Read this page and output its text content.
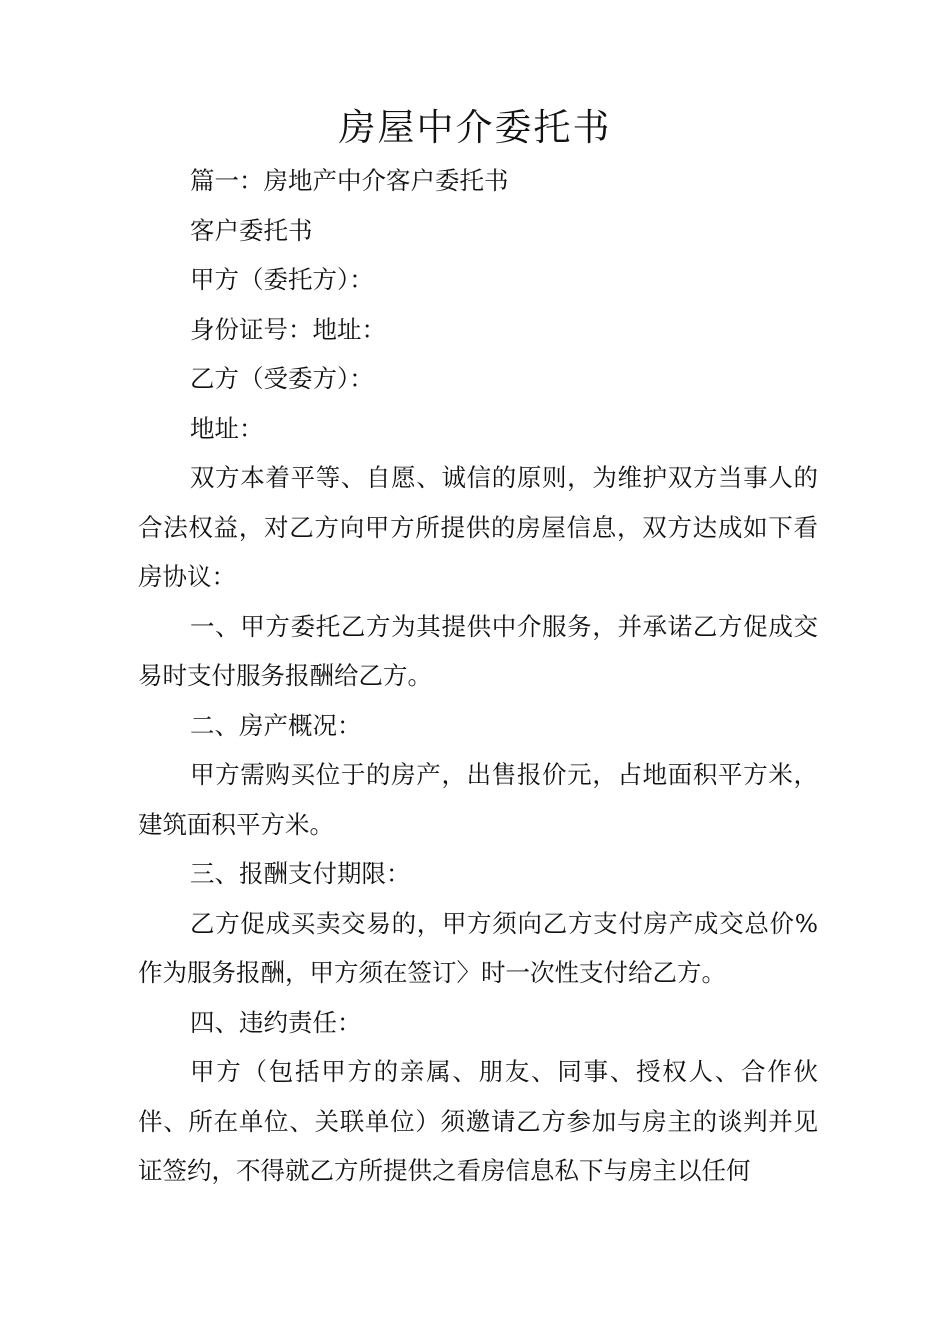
房屋中介委托书

篇一：房地产中介客户委托书

客户委托书

甲方（委托方）：

身份证号：地址：

乙方（受委方）：

地址：

双方本着平等、自愿、诚信的原则，为维护双方当事人的合法权益，对乙方向甲方所提供的房屋信息，双方达成如下看房协议：

一、甲方委托乙方为其提供中介服务，并承诺乙方促成交易时支付服务报酬给乙方。

二、房产概况：

甲方需购买位于的房产，出售报价元，占地面积平方米，建筑面积平方米。

三、报酬支付期限：

乙方促成买卖交易的，甲方须向乙方支付房产成交总价%作为服务报酬，甲方须在签订〉时一次性支付给乙方。

四、违约责任：

甲方（包括甲方的亲属、朋友、同事、授权人、合作伙伴、所在单位、关联单位）须邀请乙方参加与房主的谈判并见证签约，不得就乙方所提供之看房信息私下与房主以任何
